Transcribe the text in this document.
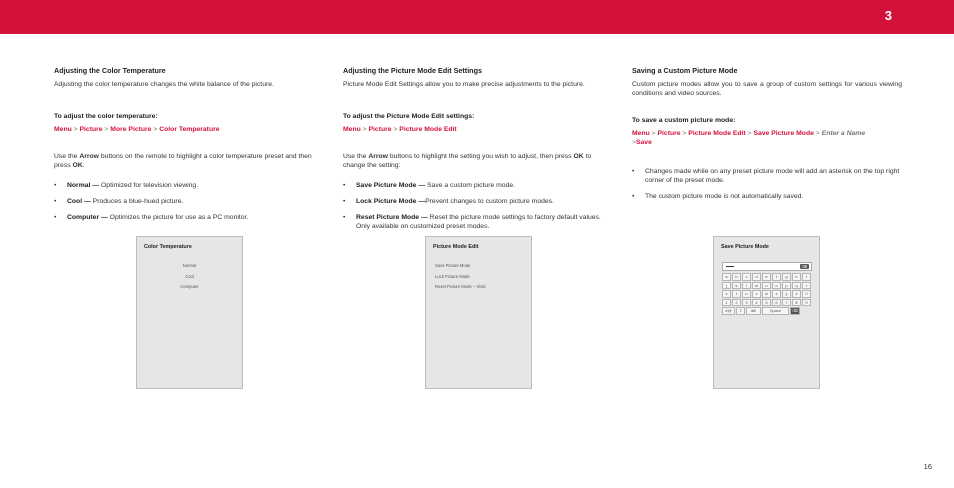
3
Adjusting the Color Temperature
Adjusting the color temperature changes the white balance of the picture.
To adjust the color temperature:
Menu > Picture > More Picture > Color Temperature
Use the Arrow buttons on the remote to highlight a color temperature preset and then press OK.
• Normal — Optimized for television viewing.
• Cool — Produces a blue-hued picture.
• Computer — Optimizes the picture for use as a PC monitor.
Adjusting the Picture Mode Edit Settings
Picture Mode Edit Settings allow you to make precise adjustments to the picture.
To adjust the Picture Mode Edit settings:
Menu > Picture > Picture Mode Edit
Use the Arrow buttons to highlight the setting you wish to adjust, then press OK to change the setting:
• Save Picture Mode — Save a custom picture mode.
• Lock Picture Mode —Prevent changes to custom picture modes.
• Reset Picture Mode — Reset the picture mode settings to factory default values. Only available on customized preset modes.
Saving a Custom Picture Mode
Custom picture modes allow you to save a group of custom settings for various viewing conditions and video sources.
To save a custom picture mode:
Menu > Picture > Picture Mode Edit > Save Picture Mode > Enter a Name
>Save
• Changes made while on any preset picture mode will add an asterisk on the top right corner of the preset mode.
• The custom picture mode is not automatically saved.
Color Temperature
Normal
Cool
Computer
Picture Mode Edit
Save Picture Mode
Lock Picture Mode
Reset Picture Mode – Vivid
Save Picture Mode
⌫
a	b	c	d	e	f	g	h	i
j	k	l	m	n	o	p	q	r
s	t	u	v	w	x	y	z	0
1	2	3	4	5	6	7	8	9
#@	⇧	äël	Space	⌫
16
